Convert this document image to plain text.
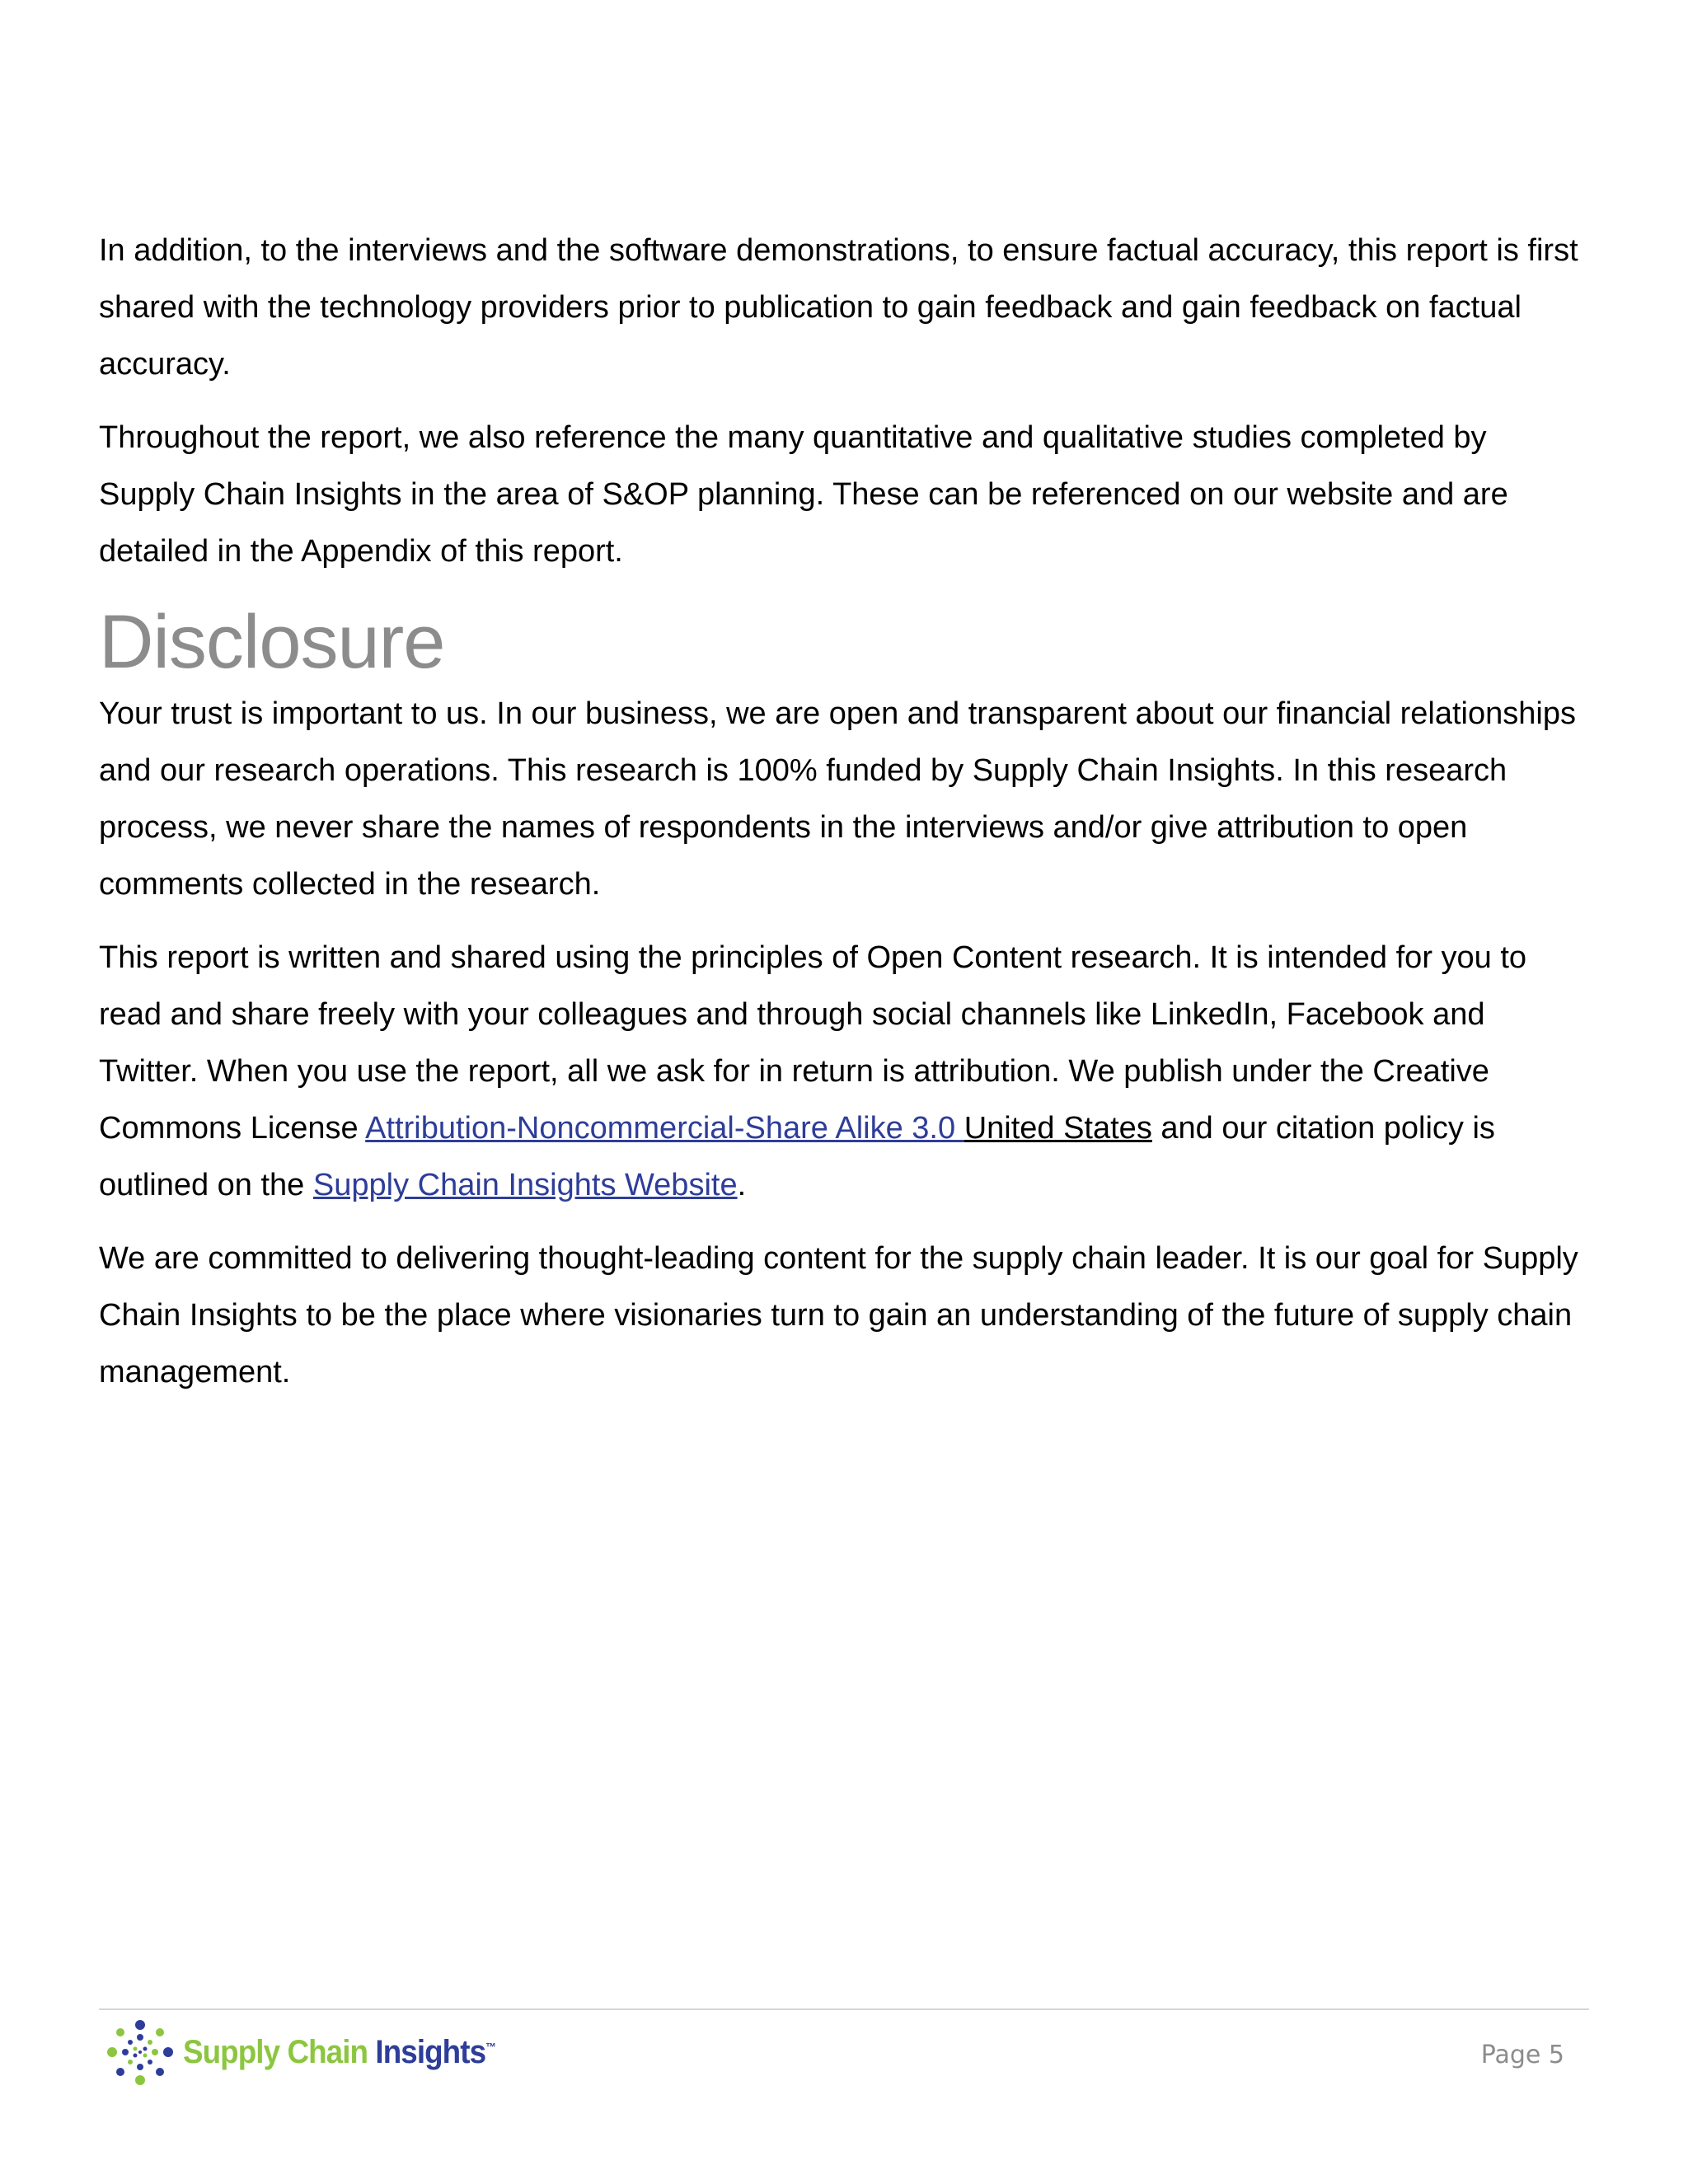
In addition, to the interviews and the software demonstrations, to ensure factual accuracy, this report is first shared with the technology providers prior to publication to gain feedback and gain feedback on factual accuracy.

Throughout the report, we also reference the many quantitative and qualitative studies completed by Supply Chain Insights in the area of S&OP planning. These can be referenced on our website and are detailed in the Appendix of this report.

Disclosure

Your trust is important to us. In our business, we are open and transparent about our financial relationships and our research operations. This research is 100% funded by Supply Chain Insights. In this research process, we never share the names of respondents in the interviews and/or give attribution to open comments collected in the research.

This report is written and shared using the principles of Open Content research. It is intended for you to read and share freely with your colleagues and through social channels like LinkedIn, Facebook and Twitter. When you use the report, all we ask for in return is attribution. We publish under the Creative Commons License Attribution-Noncommercial-Share Alike 3.0 United States and our citation policy is outlined on the Supply Chain Insights Website.

We are committed to delivering thought-leading content for the supply chain leader. It is our goal for Supply Chain Insights to be the place where visionaries turn to gain an understanding of the future of supply chain management.

Supply Chain Insights™	Page 5
